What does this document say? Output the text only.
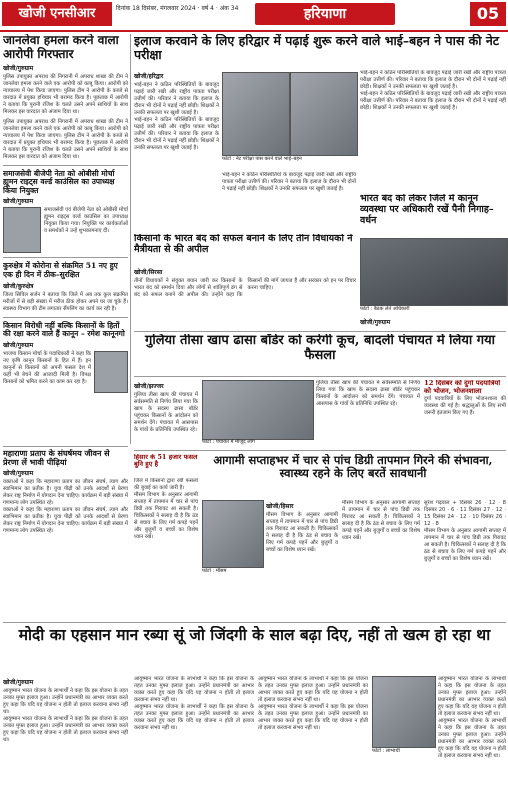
खोजी एनसीआर	दिनांक 18 दिसंबर, मंगलवार 2024 · वर्ष 4 · अंक 34	हरियाणा	05
जानलेवा हमला करने वाला आरोपी गिरफ्तार
खोजी/गुरुग्राम
पुलिस उपायुक्त अपराध की निगरानी में अपराध शाखा की टीम ने जानलेवा हमला करने वाले एक आरोपी को काबू किया। आरोपी को न्यायालय में पेश किया जाएगा। पुलिस टीम ने आरोपी के कब्जे से वारदात में प्रयुक्त हथियार भी बरामद किया है। पूछताछ में आरोपी ने बताया कि पुरानी रंजिश के चलते उसने अपने साथियों के साथ मिलकर इस वारदात को अंजाम दिया था।
पुलिस उपायुक्त अपराध की निगरानी में अपराध शाखा की टीम ने जानलेवा हमला करने वाले एक आरोपी को काबू किया। आरोपी को न्यायालय में पेश किया जाएगा। पुलिस टीम ने आरोपी के कब्जे से वारदात में प्रयुक्त हथियार भी बरामद किया है। पूछताछ में आरोपी ने बताया कि पुरानी रंजिश के चलते उसने अपने साथियों के साथ मिलकर इस वारदात को अंजाम दिया था।
समाजसेवी बीजेपी नेता को ओबीसी मोर्चा ह्यूमन राइट्स वर्ल्ड काउंसिल का उपाध्यक्ष किया नियुक्त
खोजी/गुरुग्राम
समाजसेवी एवं बीजेपी नेता को ओबीसी मोर्चा ह्यूमन राइट्स वर्ल्ड काउंसिल का उपाध्यक्ष नियुक्त किया गया। नियुक्ति पर कार्यकर्ताओं व समर्थकों ने उन्हें शुभकामनाएं दीं।
कुरुक्षेत्र में कोरोना से संक्रमित 51 नए हुए एक ही दिन में ठीक–सुरक्षित
खोजी/कुरुक्षेत्र
जिला सिविल सर्जन ने बताया कि जिले में अब तक कुल संक्रमित मरीजों में से बड़ी संख्या में मरीज ठीक होकर अपने घर जा चुके हैं। स्वास्थ्य विभाग की टीम लगातार सैंपलिंग का कार्य कर रही है।
किसान विरोधी नहीं बल्कि किसानों के हितों की रक्षा करने वाले हैं कानून – रमेश कानूनगो
खोजी/गुरुग्राम
भाजपा किसान मोर्चा के पदाधिकारी ने कहा कि नए कृषि कानून किसानों के हित में हैं। इन कानूनों से किसानों को अपनी फसल देश में कहीं भी बेचने की आजादी मिली है। विपक्ष किसानों को भ्रमित करने का काम कर रहा है।
इलाज करवाने के लिए हरिद्वार में पढ़ाई शुरू करने वाले भाई–बहन ने पास की नेट परीक्षा
खोजी/हरिद्वार
भाई-बहन ने कठिन परिस्थितियों के बावजूद पढ़ाई जारी रखी और राष्ट्रीय पात्रता परीक्षा उत्तीर्ण की। परिवार ने बताया कि इलाज के दौरान भी दोनों ने पढ़ाई नहीं छोड़ी। शिक्षकों ने उनकी सफलता पर खुशी जताई है।
भाई-बहन ने कठिन परिस्थितियों के बावजूद पढ़ाई जारी रखी और राष्ट्रीय पात्रता परीक्षा उत्तीर्ण की। परिवार ने बताया कि इलाज के दौरान भी दोनों ने पढ़ाई नहीं छोड़ी। शिक्षकों ने उनकी सफलता पर खुशी जताई है।
फोटो : नेट परीक्षा पास करने वाले भाई–बहन
भाई-बहन ने कठिन परिस्थितियों के बावजूद पढ़ाई जारी रखी और राष्ट्रीय पात्रता परीक्षा उत्तीर्ण की। परिवार ने बताया कि इलाज के दौरान भी दोनों ने पढ़ाई नहीं छोड़ी। शिक्षकों ने उनकी सफलता पर खुशी जताई है।
भाई-बहन ने कठिन परिस्थितियों के बावजूद पढ़ाई जारी रखी और राष्ट्रीय पात्रता परीक्षा उत्तीर्ण की। परिवार ने बताया कि इलाज के दौरान भी दोनों ने पढ़ाई नहीं छोड़ी। शिक्षकों ने उनकी सफलता पर खुशी जताई है।
भाई-बहन ने कठिन परिस्थितियों के बावजूद पढ़ाई जारी रखी और राष्ट्रीय पात्रता परीक्षा उत्तीर्ण की। परिवार ने बताया कि इलाज के दौरान भी दोनों ने पढ़ाई नहीं छोड़ी। शिक्षकों ने उनकी सफलता पर खुशी जताई है।
किसानों के भारत बंद को सफल बनाने के लिए तीन विधायकों ने मैत्रीयता से की अपील
खोजी/सिरसा
तीनों विधायकों ने संयुक्त बयान जारी कर किसानों के भारत बंद को समर्थन दिया और लोगों से शांतिपूर्ण ढंग से बंद को सफल बनाने की अपील की। उन्होंने कहा कि किसानों की मांगें जायज हैं और सरकार को इन पर विचार करना चाहिए।
भारत बंद को लेकर जिले में कानून व्यवस्था पर अधिकारी रखें पैनी निगाह–वर्धन
फोटो : बैठक लेते अधिकारी
खोजी/गुरुग्राम
गुलिया तीसा खाप ढासा बॉर्डर को करेगी कूच, बादली पंचायत में लिया गया फैसला
खोजी/झज्जर
गुलिया तीसा खाप की पंचायत में सर्वसम्मति से निर्णय लिया गया कि खाप के सदस्य ढासा बॉर्डर पहुंचकर किसानों के आंदोलन को समर्थन देंगे। पंचायत में आसपास के गांवों के प्रतिनिधि उपस्थित रहे।
फोटो : पंचायत में मौजूद लोग
गुलिया तीसा खाप की पंचायत में सर्वसम्मति से निर्णय लिया गया कि खाप के सदस्य ढासा बॉर्डर पहुंचकर किसानों के आंदोलन को समर्थन देंगे। पंचायत में आसपास के गांवों के प्रतिनिधि उपस्थित रहे।
12 दिसंबर को दुर्गा पदयात्रियों को भोजन, भोजनशाला
दुर्गा पदयात्रियों के लिए भोजनशाला की व्यवस्था की गई है। श्रद्धालुओं के लिए सभी जरूरी इंतजाम किए गए हैं।
महाराणा प्रताप के संघर्षमय जीवन से प्रेरणा लें भावी पीढ़ियां
खोजी/गुरुग्राम
वक्ताओं ने कहा कि महाराणा प्रताप का जीवन संघर्ष, त्याग और स्वाभिमान का प्रतीक है। युवा पीढ़ी को उनके आदर्शों से प्रेरणा लेकर राष्ट्र निर्माण में योगदान देना चाहिए। कार्यक्रम में बड़ी संख्या में गणमान्य लोग उपस्थित रहे।
वक्ताओं ने कहा कि महाराणा प्रताप का जीवन संघर्ष, त्याग और स्वाभिमान का प्रतीक है। युवा पीढ़ी को उनके आदर्शों से प्रेरणा लेकर राष्ट्र निर्माण में योगदान देना चाहिए। कार्यक्रम में बड़ी संख्या में गणमान्य लोग उपस्थित रहे।
हिसार के 51 हजार फसल बुनि हुए है	आगामी सप्ताहभर में चार से पांच डिग्री तापमान गिरने की संभावना, स्वास्थ्य रहने के लिए बरतें सावधानी
जिले में किसानों द्वारा रबी फसलों की बुवाई का कार्य जारी है।
मौसम विभाग के अनुसार आगामी सप्ताह में तापमान में चार से पांच डिग्री तक गिरावट आ सकती है। चिकित्सकों ने सलाह दी है कि ठंड से बचाव के लिए गर्म कपड़े पहनें और बुजुर्गों व बच्चों का विशेष ध्यान रखें।
फोटो : मौसम
खोजी/हिसार
मौसम विभाग के अनुसार आगामी सप्ताह में तापमान में चार से पांच डिग्री तक गिरावट आ सकती है। चिकित्सकों ने सलाह दी है कि ठंड से बचाव के लिए गर्म कपड़े पहनें और बुजुर्गों व बच्चों का विशेष ध्यान रखें।
मौसम विभाग के अनुसार आगामी सप्ताह में तापमान में चार से पांच डिग्री तक गिरावट आ सकती है। चिकित्सकों ने सलाह दी है कि ठंड से बचाव के लिए गर्म कपड़े पहनें और बुजुर्गों व बच्चों का विशेष ध्यान रखें।
सुरेश गढ़वाल + दिसंबर 26 · 12 · 8 दिसंबर 20 · 6 · 11 दिसंबर 27 · 12 · 15 दिसंबर 24 · 12 · 10 दिसंबर 26 · 12 · 8
मौसम विभाग के अनुसार आगामी सप्ताह में तापमान में चार से पांच डिग्री तक गिरावट आ सकती है। चिकित्सकों ने सलाह दी है कि ठंड से बचाव के लिए गर्म कपड़े पहनें और बुजुर्गों व बच्चों का विशेष ध्यान रखें।
मोदी का एहसान मान रब्या सूं जो जिंदगी के साल बढ़ा दिए, नहीं तो खत्म हो रहा था
खोजी/गुरुग्राम
आयुष्मान भारत योजना के लाभार्थी ने कहा कि इस योजना के तहत उनका मुफ्त इलाज हुआ। उन्होंने प्रधानमंत्री का आभार व्यक्त करते हुए कहा कि यदि यह योजना न होती तो इलाज करवाना संभव नहीं था।
आयुष्मान भारत योजना के लाभार्थी ने कहा कि इस योजना के तहत उनका मुफ्त इलाज हुआ। उन्होंने प्रधानमंत्री का आभार व्यक्त करते हुए कहा कि यदि यह योजना न होती तो इलाज करवाना संभव नहीं था।
आयुष्मान भारत योजना के लाभार्थी ने कहा कि इस योजना के तहत उनका मुफ्त इलाज हुआ। उन्होंने प्रधानमंत्री का आभार व्यक्त करते हुए कहा कि यदि यह योजना न होती तो इलाज करवाना संभव नहीं था।
आयुष्मान भारत योजना के लाभार्थी ने कहा कि इस योजना के तहत उनका मुफ्त इलाज हुआ। उन्होंने प्रधानमंत्री का आभार व्यक्त करते हुए कहा कि यदि यह योजना न होती तो इलाज करवाना संभव नहीं था।
आयुष्मान भारत योजना के लाभार्थी ने कहा कि इस योजना के तहत उनका मुफ्त इलाज हुआ। उन्होंने प्रधानमंत्री का आभार व्यक्त करते हुए कहा कि यदि यह योजना न होती तो इलाज करवाना संभव नहीं था।
आयुष्मान भारत योजना के लाभार्थी ने कहा कि इस योजना के तहत उनका मुफ्त इलाज हुआ। उन्होंने प्रधानमंत्री का आभार व्यक्त करते हुए कहा कि यदि यह योजना न होती तो इलाज करवाना संभव नहीं था।
फोटो : लाभार्थी
आयुष्मान भारत योजना के लाभार्थी ने कहा कि इस योजना के तहत उनका मुफ्त इलाज हुआ। उन्होंने प्रधानमंत्री का आभार व्यक्त करते हुए कहा कि यदि यह योजना न होती तो इलाज करवाना संभव नहीं था।
आयुष्मान भारत योजना के लाभार्थी ने कहा कि इस योजना के तहत उनका मुफ्त इलाज हुआ। उन्होंने प्रधानमंत्री का आभार व्यक्त करते हुए कहा कि यदि यह योजना न होती तो इलाज करवाना संभव नहीं था।
